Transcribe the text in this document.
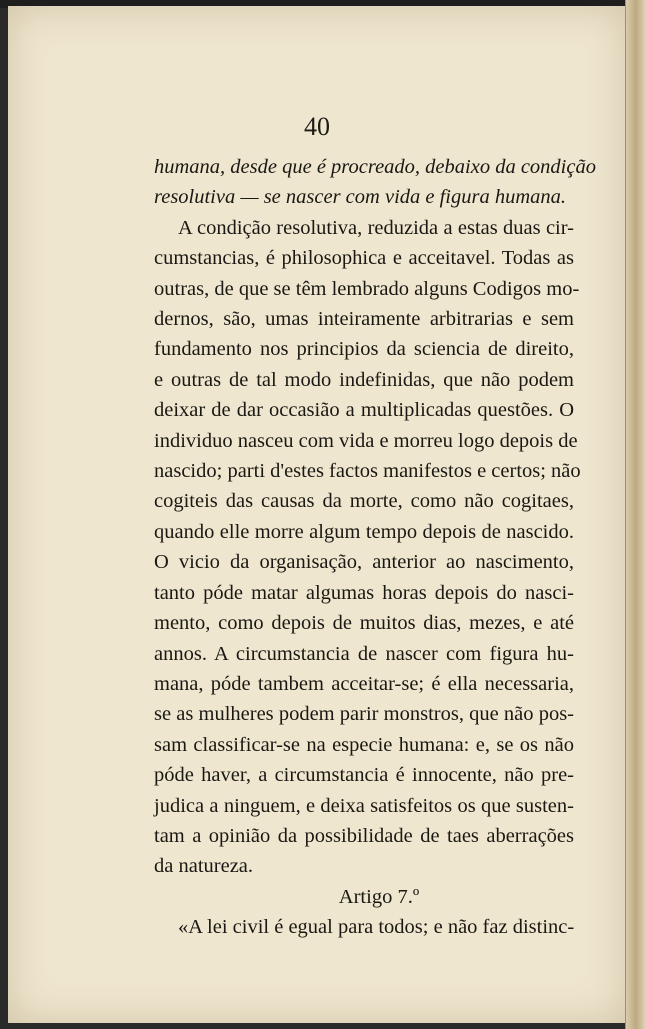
40
humana, desde que é procreado, debaixo da condição
resolutiva — se nascer com vida e figura humana.
A condição resolutiva, reduzida a estas duas cir-
cumstancias, é philosophica e acceitavel. Todas as
outras, de que se têm lembrado alguns Codigos mo-
dernos, são, umas inteiramente arbitrarias e sem
fundamento nos principios da sciencia de direito,
e outras de tal modo indefinidas, que não podem
deixar de dar occasião a multiplicadas questões. O
individuo nasceu com vida e morreu logo depois de
nascido; parti d'estes factos manifestos e certos; não
cogiteis das causas da morte, como não cogitaes,
quando elle morre algum tempo depois de nascido.
O vicio da organisação, anterior ao nascimento,
tanto póde matar algumas horas depois do nasci-
mento, como depois de muitos dias, mezes, e até
annos. A circumstancia de nascer com figura hu-
mana, póde tambem acceitar-se; é ella necessaria,
se as mulheres podem parir monstros, que não pos-
sam classificar-se na especie humana: e, se os não
póde haver, a circumstancia é innocente, não pre-
judica a ninguem, e deixa satisfeitos os que susten-
tam a opinião da possibilidade de taes aberrações
da natureza.
Artigo 7.º
«A lei civil é egual para todos; e não faz distinc-
